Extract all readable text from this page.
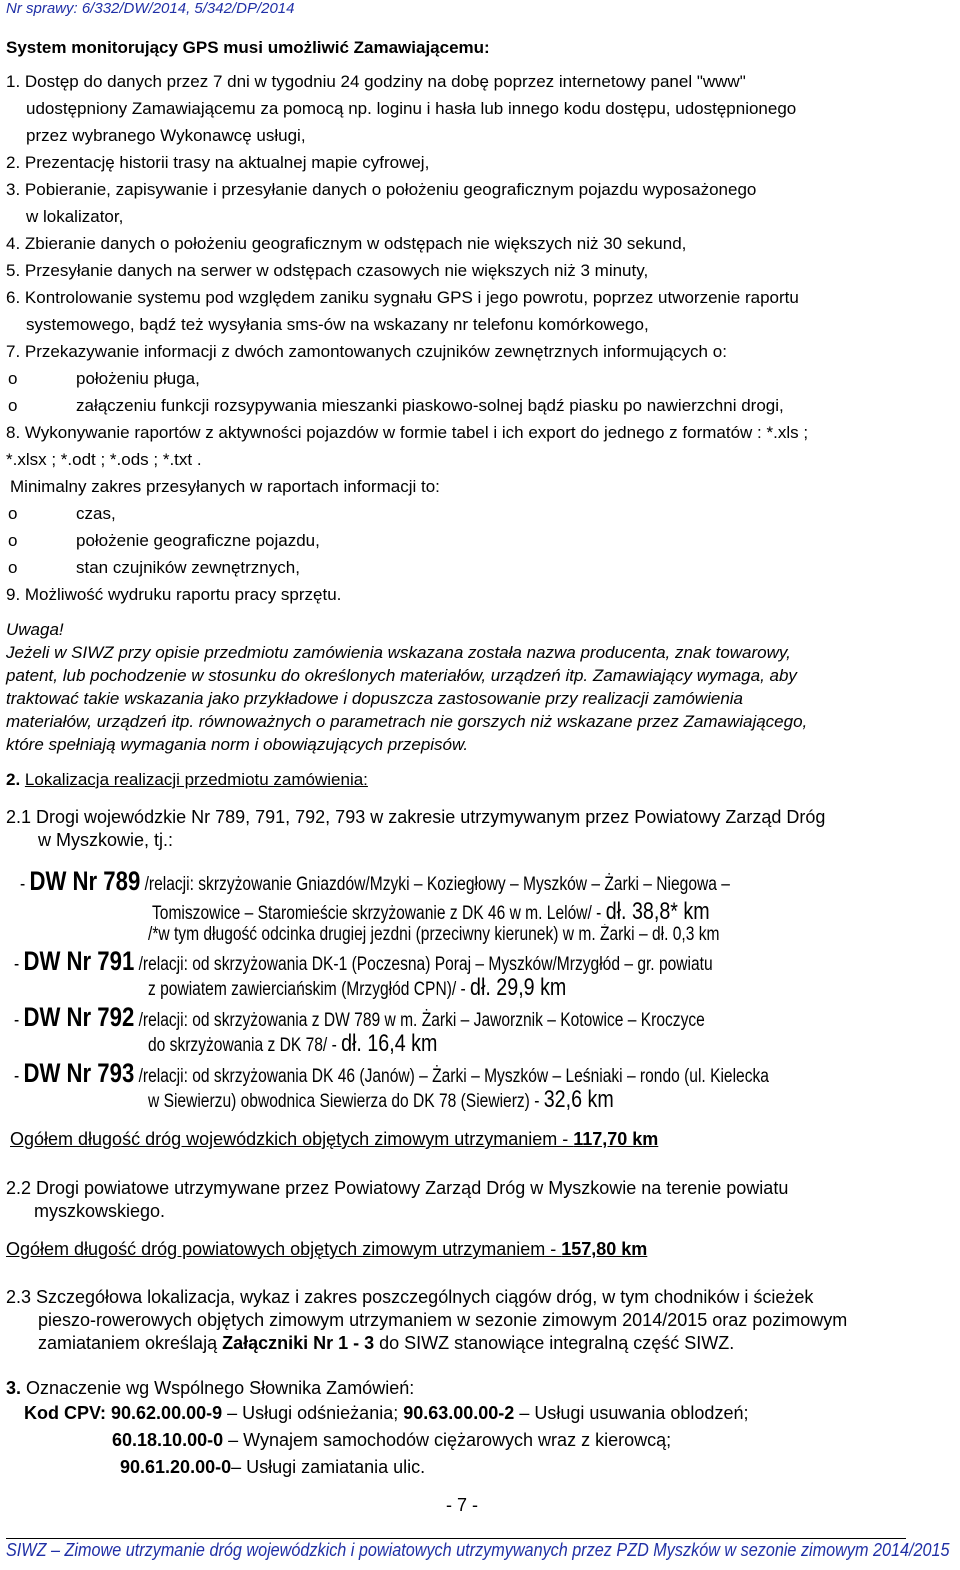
Nr sprawy: 6/332/DW/2014, 5/342/DP/2014
System monitorujący GPS musi umożliwić Zamawiającemu:
1. Dostęp do danych przez 7 dni w tygodniu 24 godziny na dobę poprzez internetowy panel "www"
udostępniony Zamawiającemu za pomocą np. loginu i hasła lub innego kodu dostępu, udostępnionego
przez wybranego Wykonawcę usługi,
2. Prezentację historii trasy na aktualnej mapie cyfrowej,
3. Pobieranie, zapisywanie i przesyłanie danych o położeniu geograficznym pojazdu wyposażonego
w lokalizator,
4. Zbieranie danych o położeniu geograficznym w odstępach nie większych niż 30 sekund,
5. Przesyłanie danych na serwer w odstępach czasowych nie większych niż 3 minuty,
6. Kontrolowanie systemu pod względem zaniku sygnału GPS i jego powrotu, poprzez utworzenie raportu
systemowego, bądź też wysyłania sms-ów na wskazany nr telefonu komórkowego,
7. Przekazywanie informacji z dwóch zamontowanych czujników zewnętrznych informujących o:
o	położeniu pługa,
o	załączeniu funkcji rozsypywania mieszanki piaskowo-solnej bądź piasku po nawierzchni drogi,
8. Wykonywanie raportów z aktywności pojazdów w formie tabel i ich export do jednego z formatów : *.xls ;
*.xlsx ; *.odt ; *.ods ; *.txt .
Minimalny zakres przesyłanych w raportach informacji to:
o	czas,
o	położenie geograficzne pojazdu,
o	stan czujników zewnętrznych,
9. Możliwość wydruku raportu pracy sprzętu.
Uwaga!
Jeżeli w SIWZ przy opisie przedmiotu zamówienia wskazana została nazwa producenta, znak towarowy,
patent, lub pochodzenie w stosunku do określonych materiałów, urządzeń itp. Zamawiający wymaga, aby
traktować takie wskazania jako przykładowe i dopuszcza zastosowanie przy realizacji zamówienia
materiałów, urządzeń itp. równoważnych o parametrach nie gorszych niż wskazane przez Zamawiającego,
które spełniają wymagania norm i obowiązujących przepisów.
2. Lokalizacja realizacji przedmiotu zamówienia:
2.1 Drogi wojewódzkie Nr 789, 791, 792, 793 w zakresie utrzymywanym przez Powiatowy Zarząd Dróg
w Myszkowie, tj.:
- DW Nr 789 /relacji: skrzyżowanie Gniazdów/Mzyki – Koziegłowy – Myszków – Żarki – Niegowa –
Tomiszowice – Staromieście skrzyżowanie z DK 46 w m. Lelów/ - dł. 38,8* km
/*w tym długość odcinka drugiej jezdni (przeciwny kierunek) w m. Żarki – dł. 0,3 km
- DW Nr 791 /relacji: od skrzyżowania DK-1 (Poczesna) Poraj – Myszków/Mrzygłód – gr. powiatu
z powiatem zawierciańskim (Mrzygłód CPN)/ - dł. 29,9 km
- DW Nr 792 /relacji: od skrzyżowania z DW 789 w m. Żarki – Jaworznik – Kotowice – Kroczyce
do skrzyżowania z DK 78/ - dł. 16,4 km
- DW Nr 793 /relacji: od skrzyżowania DK 46 (Janów) – Żarki – Myszków – Leśniaki – rondo (ul. Kielecka
w Siewierzu) obwodnica Siewierza do DK 78 (Siewierz) - 32,6 km
Ogółem długość dróg wojewódzkich objętych zimowym utrzymaniem - 117,70 km
2.2 Drogi powiatowe utrzymywane przez Powiatowy Zarząd Dróg w Myszkowie na terenie powiatu
myszkowskiego.
Ogółem długość dróg powiatowych objętych zimowym utrzymaniem - 157,80 km
2.3 Szczegółowa lokalizacja, wykaz i zakres poszczególnych ciągów dróg, w tym chodników i ścieżek
pieszo-rowerowych objętych zimowym utrzymaniem w sezonie zimowym 2014/2015 oraz pozimowym
zamiataniem określają Załączniki Nr 1 - 3 do SIWZ stanowiące integralną część SIWZ.
3. Oznaczenie wg Wspólnego Słownika Zamówień:
Kod CPV: 90.62.00.00-9 – Usługi odśnieżania; 90.63.00.00-2 – Usługi usuwania oblodzeń;
60.18.10.00-0 – Wynajem samochodów ciężarowych wraz z kierowcą;
90.61.20.00-0– Usługi zamiatania ulic.
- 7 -
SIWZ – Zimowe utrzymanie dróg wojewódzkich i powiatowych utrzymywanych przez PZD Myszków w sezonie zimowym 2014/2015
